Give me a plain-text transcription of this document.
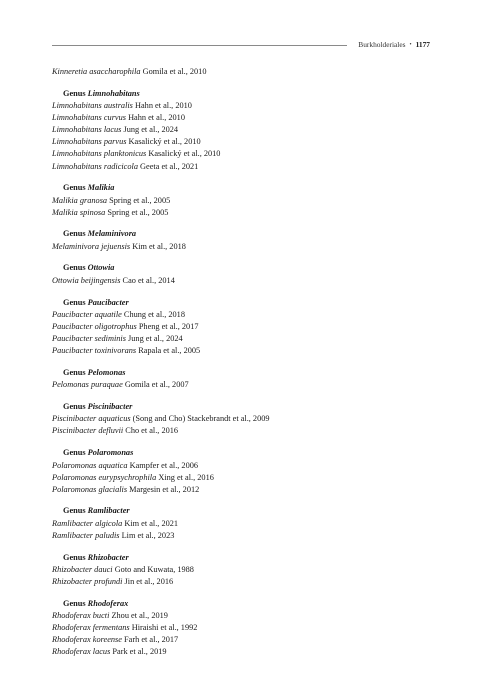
Burkholderiales • 1177
Kinneretia asaccharophila Gomila et al., 2010
Genus Limnohabitans
Limnohabitans australis Hahn et al., 2010
Limnohabitans curvus Hahn et al., 2010
Limnohabitans lacus Jung et al., 2024
Limnohabitans parvus Kasalický et al., 2010
Limnohabitans planktonicus Kasalický et al., 2010
Limnohabitans radicicola Geeta et al., 2021
Genus Malikia
Malikia granosa Spring et al., 2005
Malikia spinosa Spring et al., 2005
Genus Melaminivora
Melaminivora jejuensis Kim et al., 2018
Genus Ottowia
Ottowia beijingensis Cao et al., 2014
Genus Paucibacter
Paucibacter aquatile Chung et al., 2018
Paucibacter oligotrophus Pheng et al., 2017
Paucibacter sediminis Jung et al., 2024
Paucibacter toxinivorans Rapala et al., 2005
Genus Pelomonas
Pelomonas puraquae Gomila et al., 2007
Genus Piscinibacter
Piscinibacter aquaticus (Song and Cho) Stackebrandt et al., 2009
Piscinibacter defluvii Cho et al., 2016
Genus Polaromonas
Polaromonas aquatica Kampfer et al., 2006
Polaromonas eurypsychrophila Xing et al., 2016
Polaromonas glacialis Margesin et al., 2012
Genus Ramlibacter
Ramlibacter algicola Kim et al., 2021
Ramlibacter paludis Lim et al., 2023
Genus Rhizobacter
Rhizobacter dauci Goto and Kuwata, 1988
Rhizobacter profundi Jin et al., 2016
Genus Rhodoferax
Rhodoferax bucti Zhou et al., 2019
Rhodoferax fermentans Hiraishi et al., 1992
Rhodoferax koreense Farh et al., 2017
Rhodoferax lacus Park et al., 2019
